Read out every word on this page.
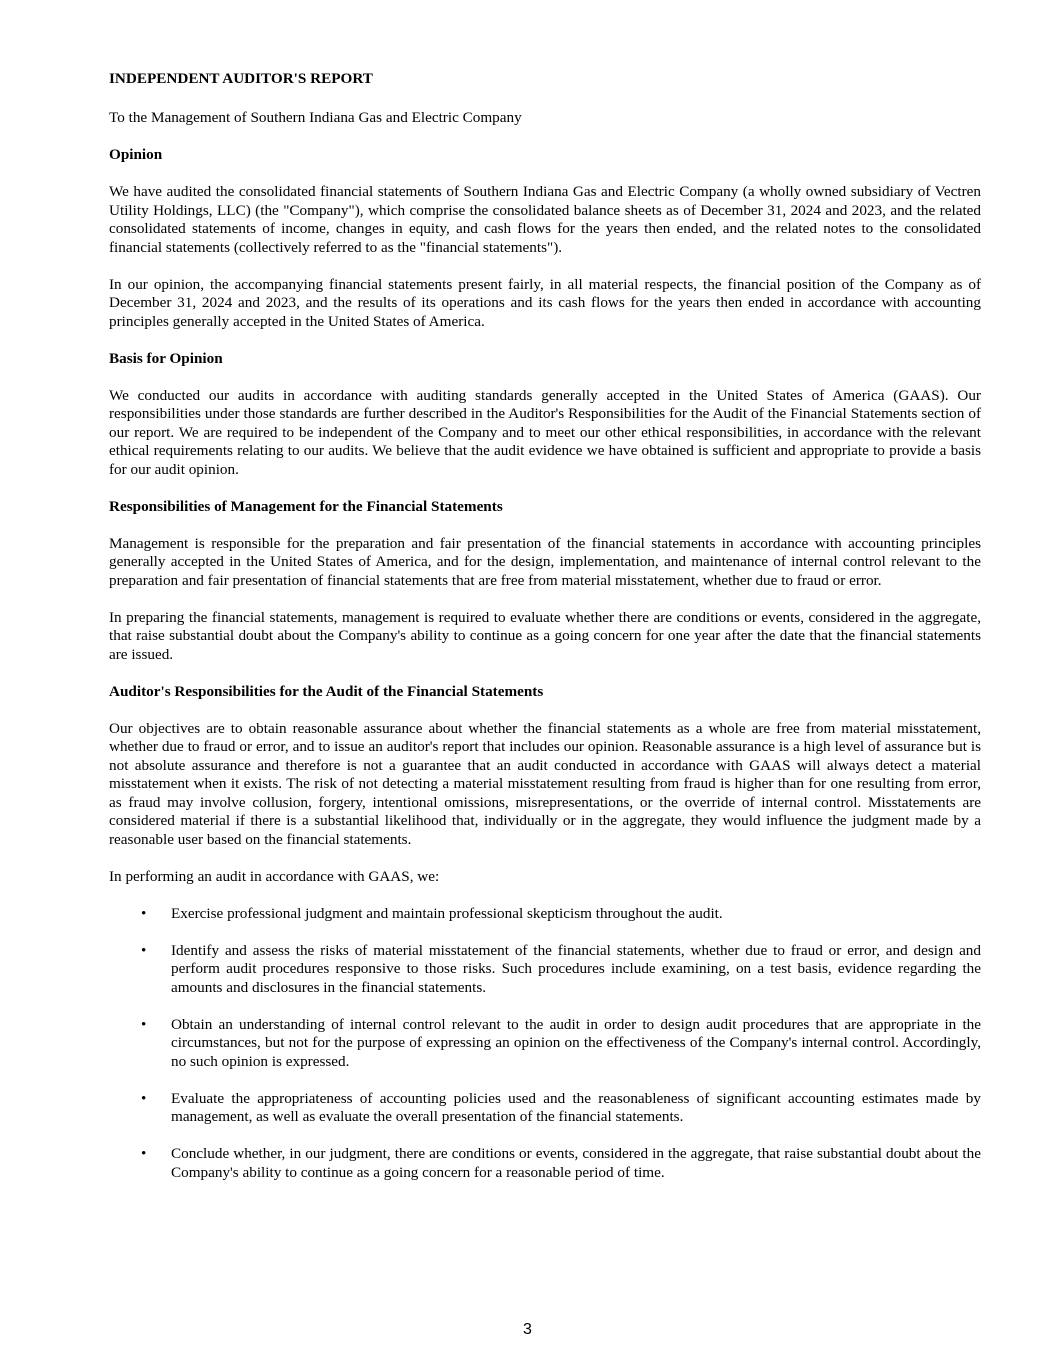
INDEPENDENT AUDITOR'S REPORT
To the Management of Southern Indiana Gas and Electric Company
Opinion

We have audited the consolidated financial statements of Southern Indiana Gas and Electric Company (a wholly owned subsidiary of Vectren Utility Holdings, LLC) (the "Company"), which comprise the consolidated balance sheets as of December 31, 2024 and 2023, and the related consolidated statements of income, changes in equity, and cash flows for the years then ended, and the related notes to the consolidated financial statements (collectively referred to as the "financial statements").

In our opinion, the accompanying financial statements present fairly, in all material respects, the financial position of the Company as of December 31, 2024 and 2023, and the results of its operations and its cash flows for the years then ended in accordance with accounting principles generally accepted in the United States of America.

Basis for Opinion

We conducted our audits in accordance with auditing standards generally accepted in the United States of America (GAAS). Our responsibilities under those standards are further described in the Auditor's Responsibilities for the Audit of the Financial Statements section of our report. We are required to be independent of the Company and to meet our other ethical responsibilities, in accordance with the relevant ethical requirements relating to our audits. We believe that the audit evidence we have obtained is sufficient and appropriate to provide a basis for our audit opinion.

Responsibilities of Management for the Financial Statements

Management is responsible for the preparation and fair presentation of the financial statements in accordance with accounting principles generally accepted in the United States of America, and for the design, implementation, and maintenance of internal control relevant to the preparation and fair presentation of financial statements that are free from material misstatement, whether due to fraud or error.

In preparing the financial statements, management is required to evaluate whether there are conditions or events, considered in the aggregate, that raise substantial doubt about the Company's ability to continue as a going concern for one year after the date that the financial statements are issued.

Auditor's Responsibilities for the Audit of the Financial Statements

Our objectives are to obtain reasonable assurance about whether the financial statements as a whole are free from material misstatement, whether due to fraud or error, and to issue an auditor's report that includes our opinion. Reasonable assurance is a high level of assurance but is not absolute assurance and therefore is not a guarantee that an audit conducted in accordance with GAAS will always detect a material misstatement when it exists. The risk of not detecting a material misstatement resulting from fraud is higher than for one resulting from error, as fraud may involve collusion, forgery, intentional omissions, misrepresentations, or the override of internal control. Misstatements are considered material if there is a substantial likelihood that, individually or in the aggregate, they would influence the judgment made by a reasonable user based on the financial statements.

In performing an audit in accordance with GAAS, we:

• Exercise professional judgment and maintain professional skepticism throughout the audit.
• Identify and assess the risks of material misstatement of the financial statements, whether due to fraud or error, and design and perform audit procedures responsive to those risks. Such procedures include examining, on a test basis, evidence regarding the amounts and disclosures in the financial statements.
• Obtain an understanding of internal control relevant to the audit in order to design audit procedures that are appropriate in the circumstances, but not for the purpose of expressing an opinion on the effectiveness of the Company's internal control. Accordingly, no such opinion is expressed.
• Evaluate the appropriateness of accounting policies used and the reasonableness of significant accounting estimates made by management, as well as evaluate the overall presentation of the financial statements.
• Conclude whether, in our judgment, there are conditions or events, considered in the aggregate, that raise substantial doubt about the Company's ability to continue as a going concern for a reasonable period of time.
3
